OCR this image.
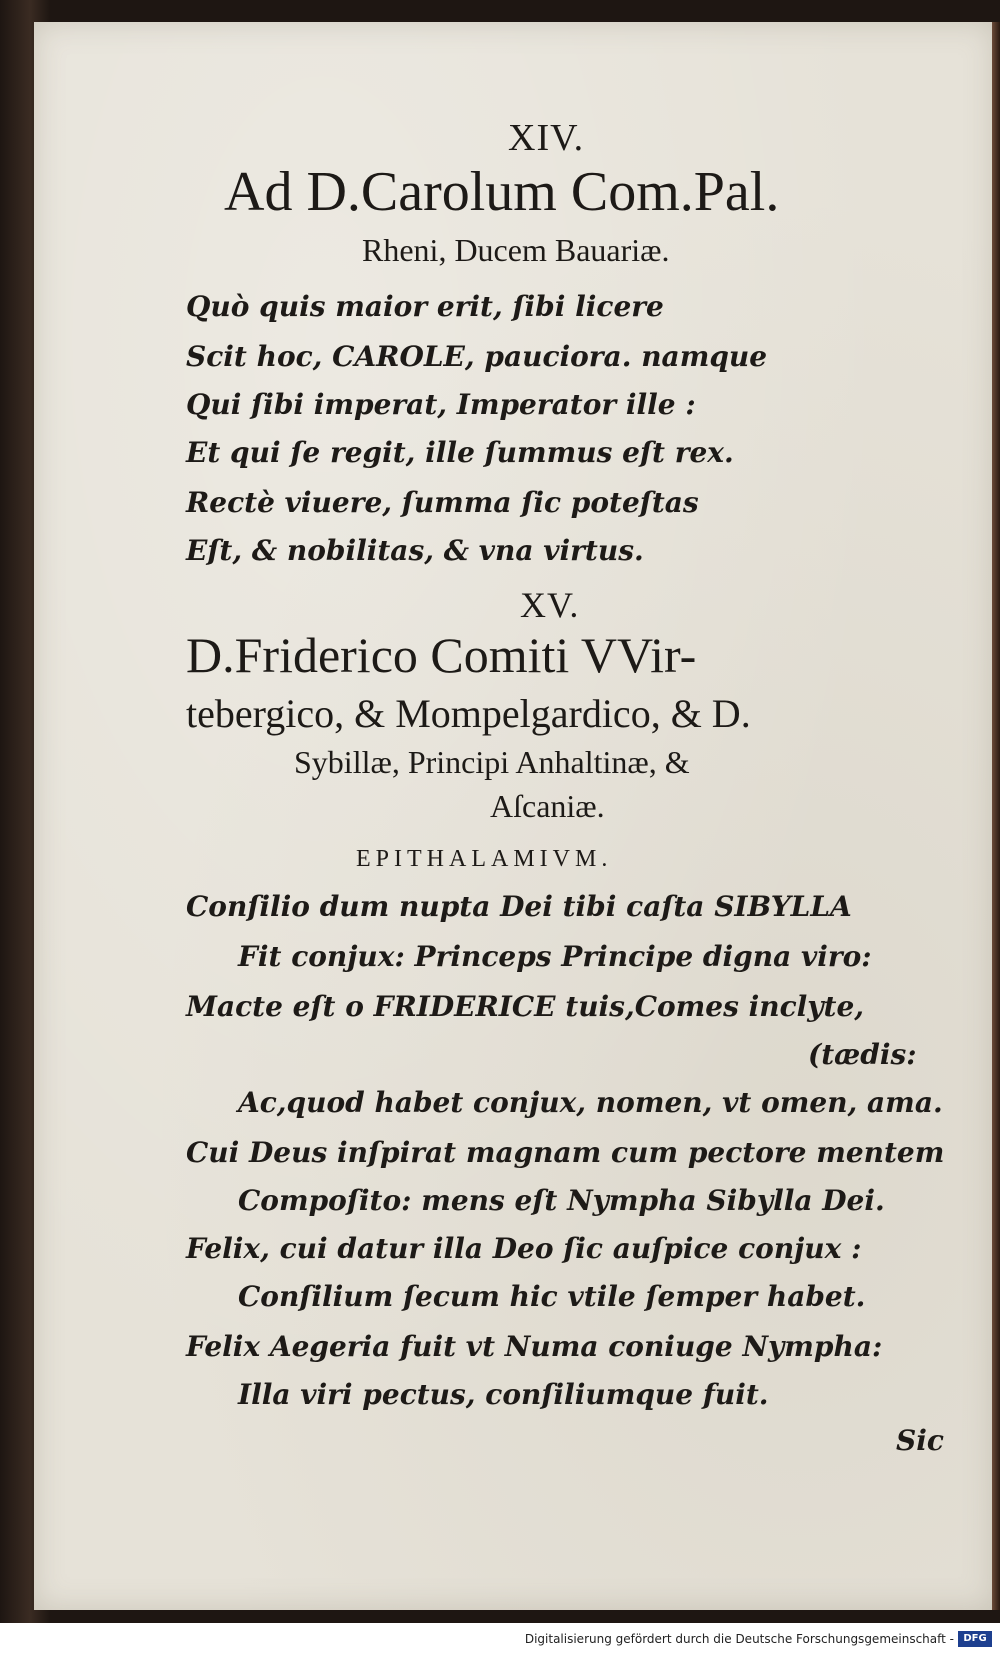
XIV.
Ad D.Carolum Com.Pal.
Rheni, Ducem Bauariæ.
Quò quis maior erit, ſibi licere
Scit hoc, CAROLE, pauciora. namque
Qui ſibi imperat, Imperator ille :
Et qui ſe regit, ille ſummus eſt rex.
Rectè viuere, ſumma ſic poteſtas
Eſt, & nobilitas, & vna virtus.
XV.
D.Friderico Comiti VVir-
tebergico, & Mompelgardico, & D.
Sybillæ, Principi Anhaltinæ, &
Aſcaniæ.
EPITHALAMIVM.
Conſilio dum nupta Dei tibi caſta SIBYLLA
Fit conjux: Princeps Principe digna viro:
Macte eſt o FRIDERICE tuis,Comes inclyte,
(tædis:
Ac,quod habet conjux, nomen, vt omen, ama.
Cui Deus inſpirat magnam cum pectore mentem
Compoſito: mens eſt Nympha Sibylla Dei.
Felix, cui datur illa Deo ſic auſpice conjux :
Conſilium ſecum hic vtile ſemper habet.
Felix Aegeria fuit vt Numa coniuge Nympha:
Illa viri pectus, conſiliumque fuit.
Sic
Digitalisierung gefördert durch die Deutsche Forschungsgemeinschaft - DFG
